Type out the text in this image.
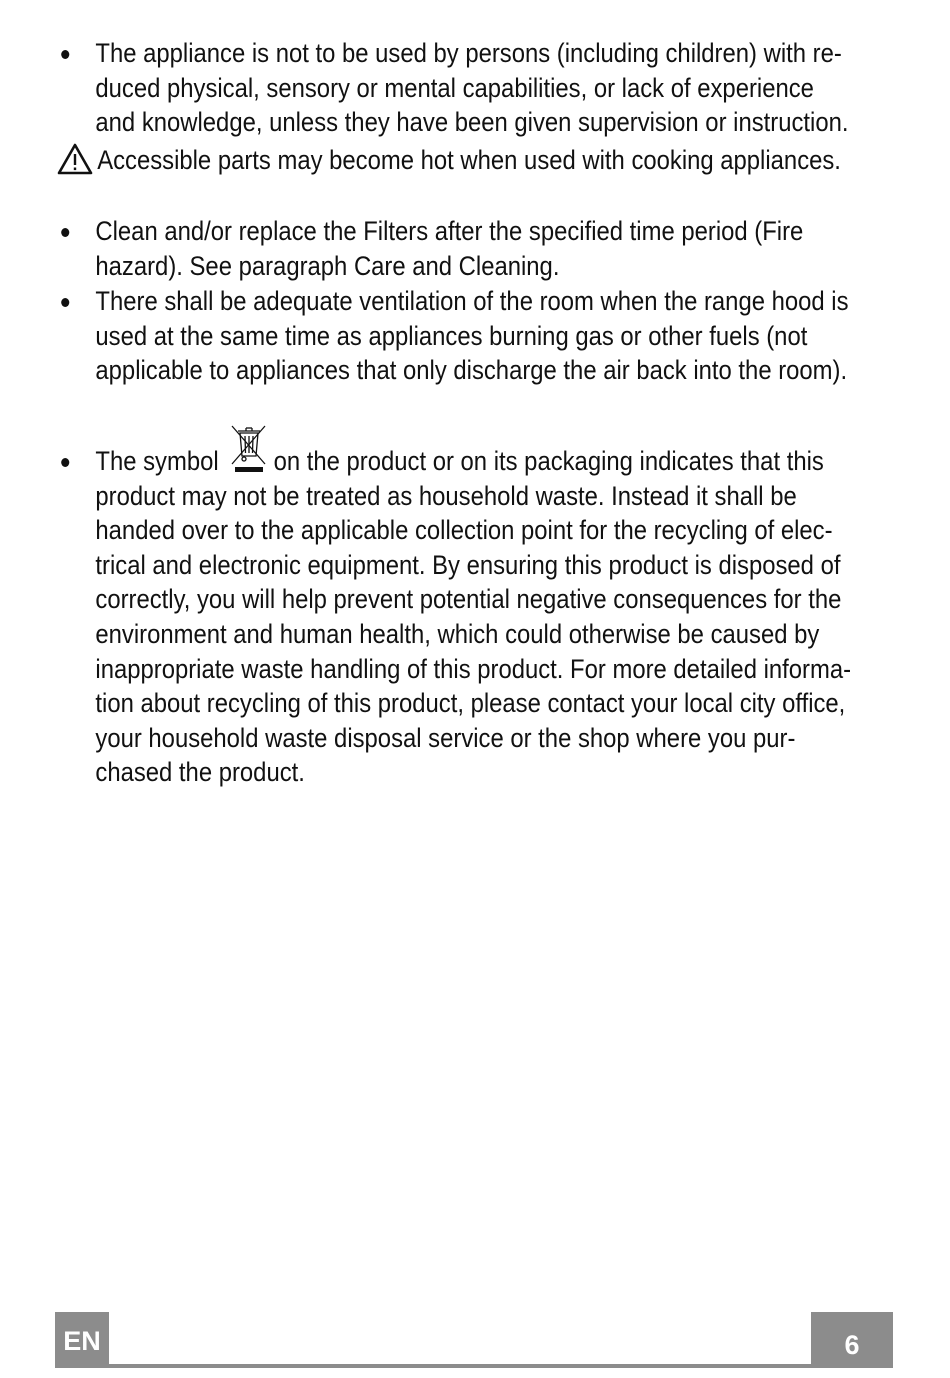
The appliance is not to be used by persons (including children) with re-
duced physical, sensory or mental capabilities, or lack of experience
and knowledge, unless they have been given supervision or instruction.
Accessible parts may become hot when used with cooking appliances.
Clean and/or replace the Filters after the specified time period (Fire
hazard). See paragraph Care and Cleaning.
There shall be adequate ventilation of the room when the range hood is
used at the same time as appliances burning gas or other fuels (not
applicable to appliances that only discharge the air back into the room).
The symbol on the product or on its packaging indicates that this
product may not be treated as household waste. Instead it shall be
handed over to the applicable collection point for the recycling of elec-
trical and electronic equipment. By ensuring this product is disposed of
correctly, you will help prevent potential negative consequences for the
environment and human health, which could otherwise be caused by
inappropriate waste handling of this product. For more detailed informa-
tion about recycling of this product, please contact your local city office,
your household waste disposal service or the shop where you pur-
chased the product.
EN	6
